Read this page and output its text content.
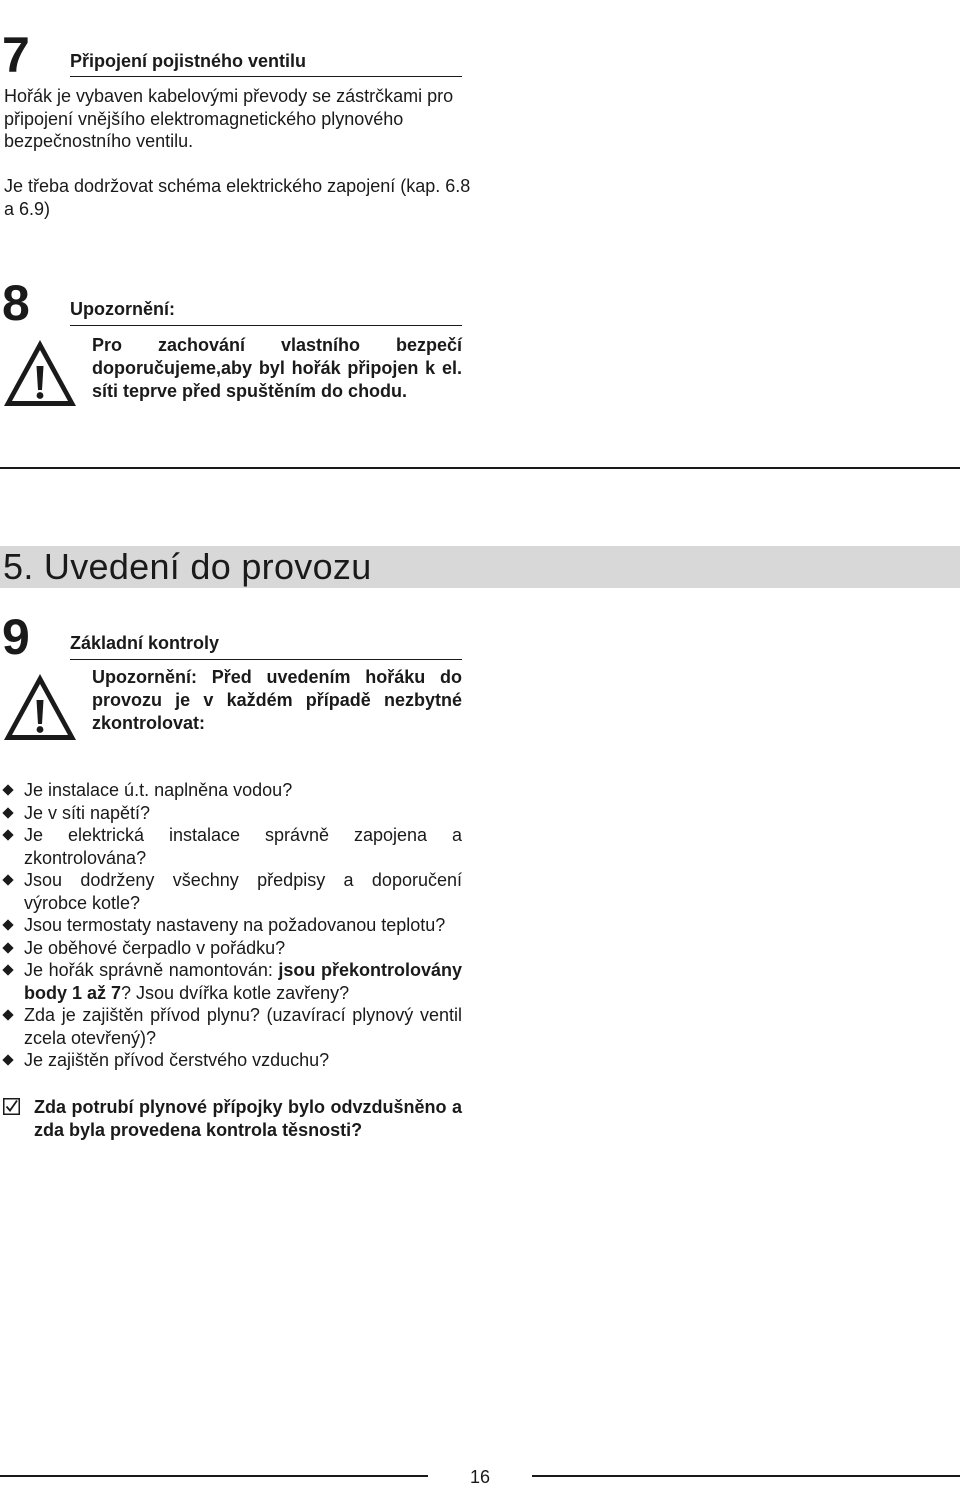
7 Připojení pojistného ventilu
Hořák je vybaven kabelovými převody se zástrčkami pro připojení vnějšího elektromagnetického plynového bezpečnostního ventilu.
Je třeba dodržovat schéma elektrického zapojení (kap. 6.8 a 6.9)
8 Upozornění:
Pro zachování vlastního bezpečí doporučujeme,aby byl hořák připojen k el. síti teprve před spuštěním do chodu.
5. Uvedení do provozu
9 Základní kontroly
Upozornění: Před uvedením hořáku do provozu je v každém případě nezbytné zkontrolovat:
Je instalace ú.t. naplněna vodou?
Je v síti napětí?
Je elektrická instalace správně zapojena a zkontrolována?
Jsou dodrženy všechny předpisy a doporučení výrobce kotle?
Jsou termostaty nastaveny na požadovanou teplotu?
Je oběhové čerpadlo v pořádku?
Je hořák správně namontován: jsou překontrolovány body 1 až 7? Jsou dvířka kotle zavřeny?
Zda je zajištěn přívod plynu? (uzavírací plynový ventil zcela otevřený)?
Je zajištěn přívod čerstvého vzduchu?
Zda potrubí plynové přípojky bylo odvzdušněno a zda byla provedena kontrola těsnosti?
16
